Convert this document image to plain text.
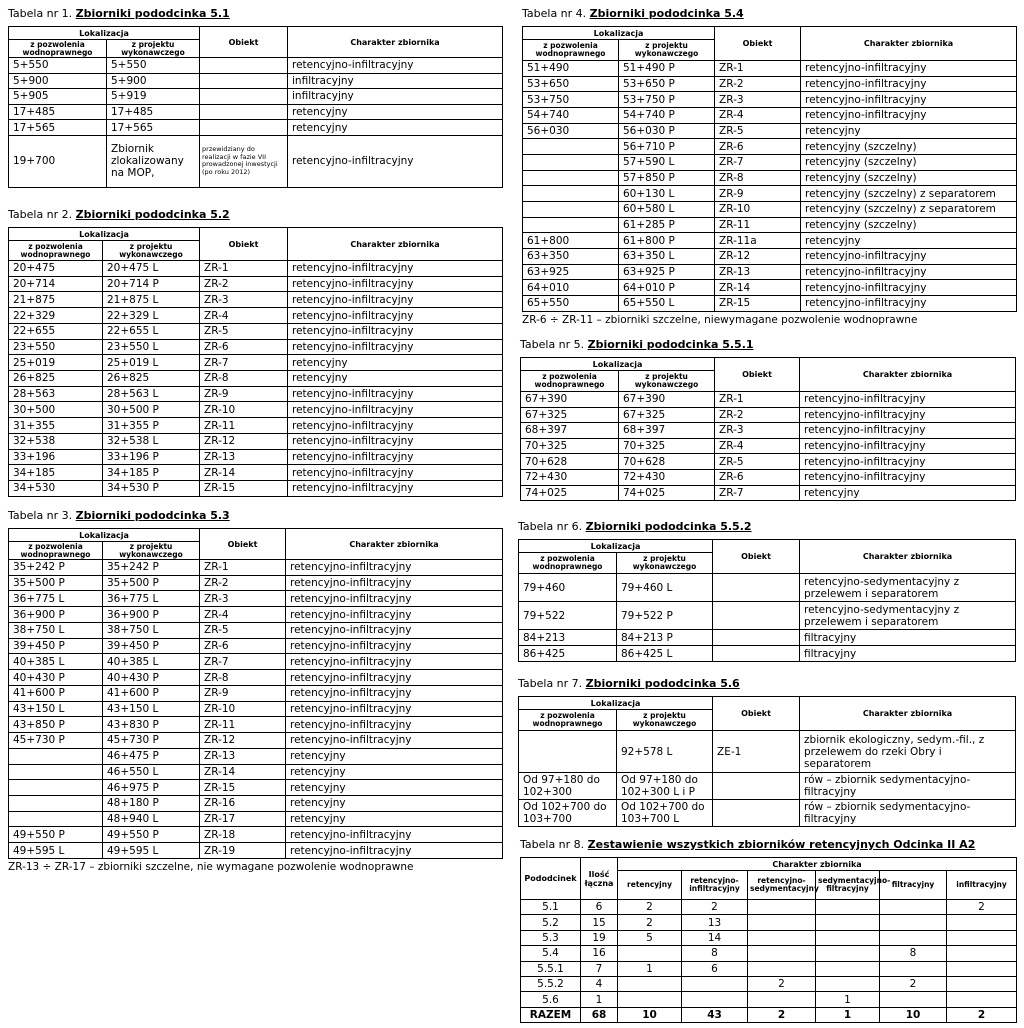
Tabela nr 1. Zbiorniki pododcinka 5.1
Lokalizacja		Obiekt	Charakter zbiornika
z pozwolenia wodnoprawnego	z projektu wykonawczego		
5+550	5+550		retencyjno-infiltracyjny
5+900	5+900		infiltracyjny
5+905	5+919		infiltracyjny
17+485	17+485		retencyjny
17+565	17+565		retencyjny
19+700	Zbiornik zlokalizowany na MOP,	przewidziany do realizacji w fazie VII prowadzonej inwestycji (po roku 2012)	retencyjno-infiltracyjny
Tabela nr 2. Zbiorniki pododcinka 5.2
Lokalizacja		Obiekt	Charakter zbiornika
z pozwolenia wodnoprawnego	z projektu wykonawczego		
20+475	20+475 L	ZR-1	retencyjno-infiltracyjny
20+714	20+714 P	ZR-2	retencyjno-infiltracyjny
21+875	21+875 L	ZR-3	retencyjno-infiltracyjny
22+329	22+329 L	ZR-4	retencyjno-infiltracyjny
22+655	22+655 L	ZR-5	retencyjno-infiltracyjny
23+550	23+550 L	ZR-6	retencyjno-infiltracyjny
25+019	25+019 L	ZR-7	retencyjny
26+825	26+825	ZR-8	retencyjny
28+563	28+563 L	ZR-9	retencyjno-infiltracyjny
30+500	30+500 P	ZR-10	retencyjno-infiltracyjny
31+355	31+355 P	ZR-11	retencyjno-infiltracyjny
32+538	32+538 L	ZR-12	retencyjno-infiltracyjny
33+196	33+196 P	ZR-13	retencyjno-infiltracyjny
34+185	34+185 P	ZR-14	retencyjno-infiltracyjny
34+530	34+530 P	ZR-15	retencyjno-infiltracyjny
Tabela nr 3. Zbiorniki pododcinka 5.3
Lokalizacja		Obiekt	Charakter zbiornika
z pozwolenia wodnoprawnego	z projektu wykonawczego		
35+242 P	35+242 P	ZR-1	retencyjno-infiltracyjny
35+500 P	35+500 P	ZR-2	retencyjno-infiltracyjny
36+775 L	36+775 L	ZR-3	retencyjno-infiltracyjny
36+900 P	36+900 P	ZR-4	retencyjno-infiltracyjny
38+750 L	38+750 L	ZR-5	retencyjno-infiltracyjny
39+450 P	39+450 P	ZR-6	retencyjno-infiltracyjny
40+385 L	40+385 L	ZR-7	retencyjno-infiltracyjny
40+430 P	40+430 P	ZR-8	retencyjno-infiltracyjny
41+600 P	41+600 P	ZR-9	retencyjno-infiltracyjny
43+150 L	43+150 L	ZR-10	retencyjno-infiltracyjny
43+850 P	43+830 P	ZR-11	retencyjno-infiltracyjny
45+730 P	45+730 P	ZR-12	retencyjno-infiltracyjny
	46+475 P	ZR-13	retencyjny
	46+550 L	ZR-14	retencyjny
	46+975 P	ZR-15	retencyjny
	48+180 P	ZR-16	retencyjny
	48+940 L	ZR-17	retencyjny
49+550 P	49+550 P	ZR-18	retencyjno-infiltracyjny
49+595 L	49+595 L	ZR-19	retencyjno-infiltracyjny
ZR-13 ÷ ZR-17 – zbiorniki szczelne, nie wymagane pozwolenie wodnoprawne
Tabela nr 4. Zbiorniki pododcinka 5.4
Lokalizacja		Obiekt	Charakter zbiornika
z pozwolenia wodnoprawnego	z projektu wykonawczego		
51+490	51+490 P	ZR-1	retencyjno-infiltracyjny
53+650	53+650 P	ZR-2	retencyjno-infiltracyjny
53+750	53+750 P	ZR-3	retencyjno-infiltracyjny
54+740	54+740 P	ZR-4	retencyjno-infiltracyjny
56+030	56+030 P	ZR-5	retencyjny
	56+710 P	ZR-6	retencyjny (szczelny)
	57+590 L	ZR-7	retencyjny (szczelny)
	57+850 P	ZR-8	retencyjny (szczelny)
	60+130 L	ZR-9	retencyjny (szczelny) z separatorem
	60+580 L	ZR-10	retencyjny (szczelny) z separatorem
	61+285 P	ZR-11	retencyjny (szczelny)
61+800	61+800 P	ZR-11a	retencyjny
63+350	63+350 L	ZR-12	retencyjno-infiltracyjny
63+925	63+925 P	ZR-13	retencyjno-infiltracyjny
64+010	64+010 P	ZR-14	retencyjno-infiltracyjny
65+550	65+550 L	ZR-15	retencyjno-infiltracyjny
ZR-6 ÷ ZR-11 – zbiorniki szczelne, niewymagane pozwolenie wodnoprawne
Tabela nr 5. Zbiorniki pododcinka 5.5.1
Lokalizacja		Obiekt	Charakter zbiornika
z pozwolenia wodnoprawnego	z projektu wykonawczego		
67+390	67+390	ZR-1	retencyjno-infiltracyjny
67+325	67+325	ZR-2	retencyjno-infiltracyjny
68+397	68+397	ZR-3	retencyjno-infiltracyjny
70+325	70+325	ZR-4	retencyjno-infiltracyjny
70+628	70+628	ZR-5	retencyjno-infiltracyjny
72+430	72+430	ZR-6	retencyjno-infiltracyjny
74+025	74+025	ZR-7	retencyjny
Tabela nr 6. Zbiorniki pododcinka 5.5.2
Lokalizacja		Obiekt	Charakter zbiornika
z pozwolenia wodnoprawnego	z projektu wykonawczego		
79+460	79+460 L		retencyjno-sedymentacyjny z przelewem i separatorem
79+522	79+522 P		retencyjno-sedymentacyjny z przelewem i separatorem
84+213	84+213 P		filtracyjny
86+425	86+425 L		filtracyjny
Tabela nr 7. Zbiorniki pododcinka 5.6
Lokalizacja		Obiekt	Charakter zbiornika
z pozwolenia wodnoprawnego	z projektu wykonawczego		
	92+578 L	ZE-1	zbiornik ekologiczny, sedym.-fil., z przelewem do rzeki Obry i separatorem
Od 97+180 do 102+300	Od 97+180 do 102+300 L i P		rów – zbiornik sedymentacyjno-filtracyjny
Od 102+700 do 103+700	Od 102+700 do 103+700 L		rów – zbiornik sedymentacyjno-filtracyjny
Tabela nr 8. Zestawienie wszystkich zbiorników retencyjnych Odcinka II A2
Pododcinek	Ilość łączna	Charakter zbiornika					
		retencyjny	retencyjno-infiltracyjny	retencyjno-sedymentacyjny	sedymentacyjno-filtracyjny	filtracyjny	infiltracyjny
5.1	6	2	2				2
5.2	15	2	13				
5.3	19	5	14				
5.4	16		8			8	
5.5.1	7	1	6				
5.5.2	4			2		2	
5.6	1				1		
RAZEM	68	10	43	2	1	10	2
